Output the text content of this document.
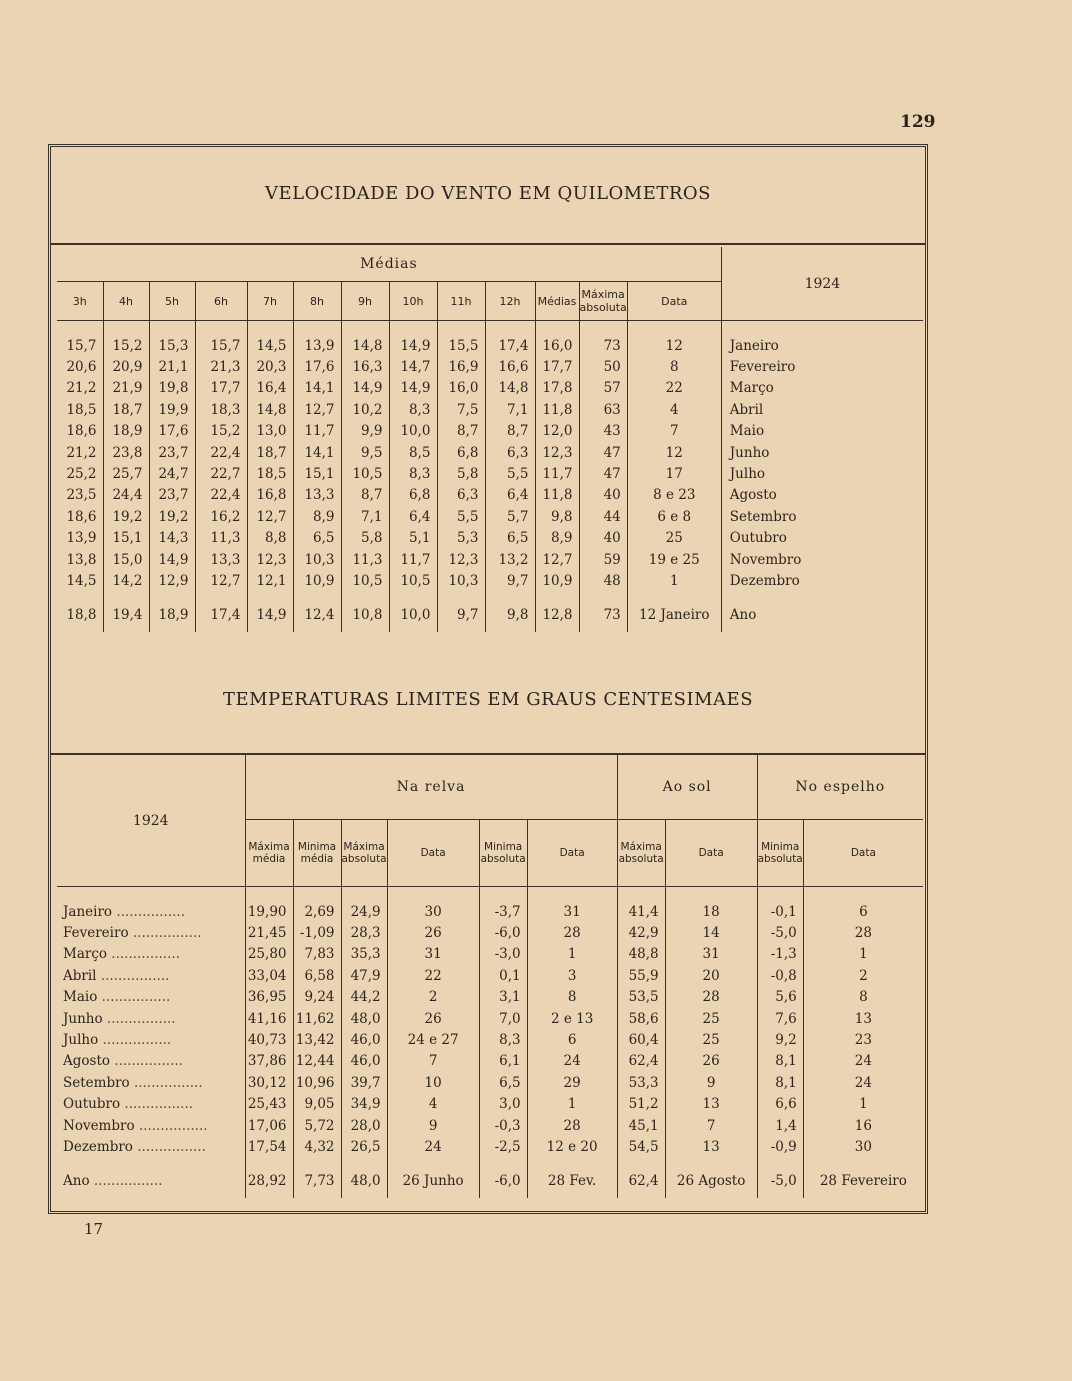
129
VELOCIDADE DO VENTO EM QUILOMETROS
Médias													1924
3h	4h	5h	6h	7h	8h	9h	10h	11h	12h	Médias	Máxima absoluta	Data	
15,7	15,2	15,3	15,7	14,5	13,9	14,8	14,9	15,5	17,4	16,0	73	12	Janeiro
20,6	20,9	21,1	21,3	20,3	17,6	16,3	14,7	16,9	16,6	17,7	50	8	Fevereiro
21,2	21,9	19,8	17,7	16,4	14,1	14,9	14,9	16,0	14,8	17,8	57	22	Março
18,5	18,7	19,9	18,3	14,8	12,7	10,2	8,3	7,5	7,1	11,8	63	4	Abril
18,6	18,9	17,6	15,2	13,0	11,7	9,9	10,0	8,7	8,7	12,0	43	7	Maio
21,2	23,8	23,7	22,4	18,7	14,1	9,5	8,5	6,8	6,3	12,3	47	12	Junho
25,2	25,7	24,7	22,7	18,5	15,1	10,5	8,3	5,8	5,5	11,7	47	17	Julho
23,5	24,4	23,7	22,4	16,8	13,3	8,7	6,8	6,3	6,4	11,8	40	8 e 23	Agosto
18,6	19,2	19,2	16,2	12,7	8,9	7,1	6,4	5,5	5,7	9,8	44	6 e 8	Setembro
13,9	15,1	14,3	11,3	8,8	6,5	5,8	5,1	5,3	6,5	8,9	40	25	Outubro
13,8	15,0	14,9	13,3	12,3	10,3	11,3	11,7	12,3	13,2	12,7	59	19 e 25	Novembro
14,5	14,2	12,9	12,7	12,1	10,9	10,5	10,5	10,3	9,7	10,9	48	1	Dezembro
18,8	19,4	18,9	17,4	14,9	12,4	10,8	10,0	9,7	9,8	12,8	73	12 Janeiro	Ano
TEMPERATURAS LIMITES EM GRAUS CENTESIMAES
1924	Na relva						Ao sol		No espelho	
	Máxima média	Minima média	Máxima absoluta	Data	Minima absoluta	Data	Máxima absoluta	Data	Minima absoluta	Data
Janeiro ................	19,90	2,69	24,9	30	-3,7	31	41,4	18	-0,1	6
Fevereiro ................	21,45	-1,09	28,3	26	-6,0	28	42,9	14	-5,0	28
Março ................	25,80	7,83	35,3	31	-3,0	1	48,8	31	-1,3	1
Abril ................	33,04	6,58	47,9	22	0,1	3	55,9	20	-0,8	2
Maio ................	36,95	9,24	44,2	2	3,1	8	53,5	28	5,6	8
Junho ................	41,16	11,62	48,0	26	7,0	2 e 13	58,6	25	7,6	13
Julho ................	40,73	13,42	46,0	24 e 27	8,3	6	60,4	25	9,2	23
Agosto ................	37,86	12,44	46,0	7	6,1	24	62,4	26	8,1	24
Setembro ................	30,12	10,96	39,7	10	6,5	29	53,3	9	8,1	24
Outubro ................	25,43	9,05	34,9	4	3,0	1	51,2	13	6,6	1
Novembro ................	17,06	5,72	28,0	9	-0,3	28	45,1	7	1,4	16
Dezembro ................	17,54	4,32	26,5	24	-2,5	12 e 20	54,5	13	-0,9	30
Ano ................	28,92	7,73	48,0	26 Junho	-6,0	28 Fev.	62,4	26 Agosto	-5,0	28 Fevereiro
17
